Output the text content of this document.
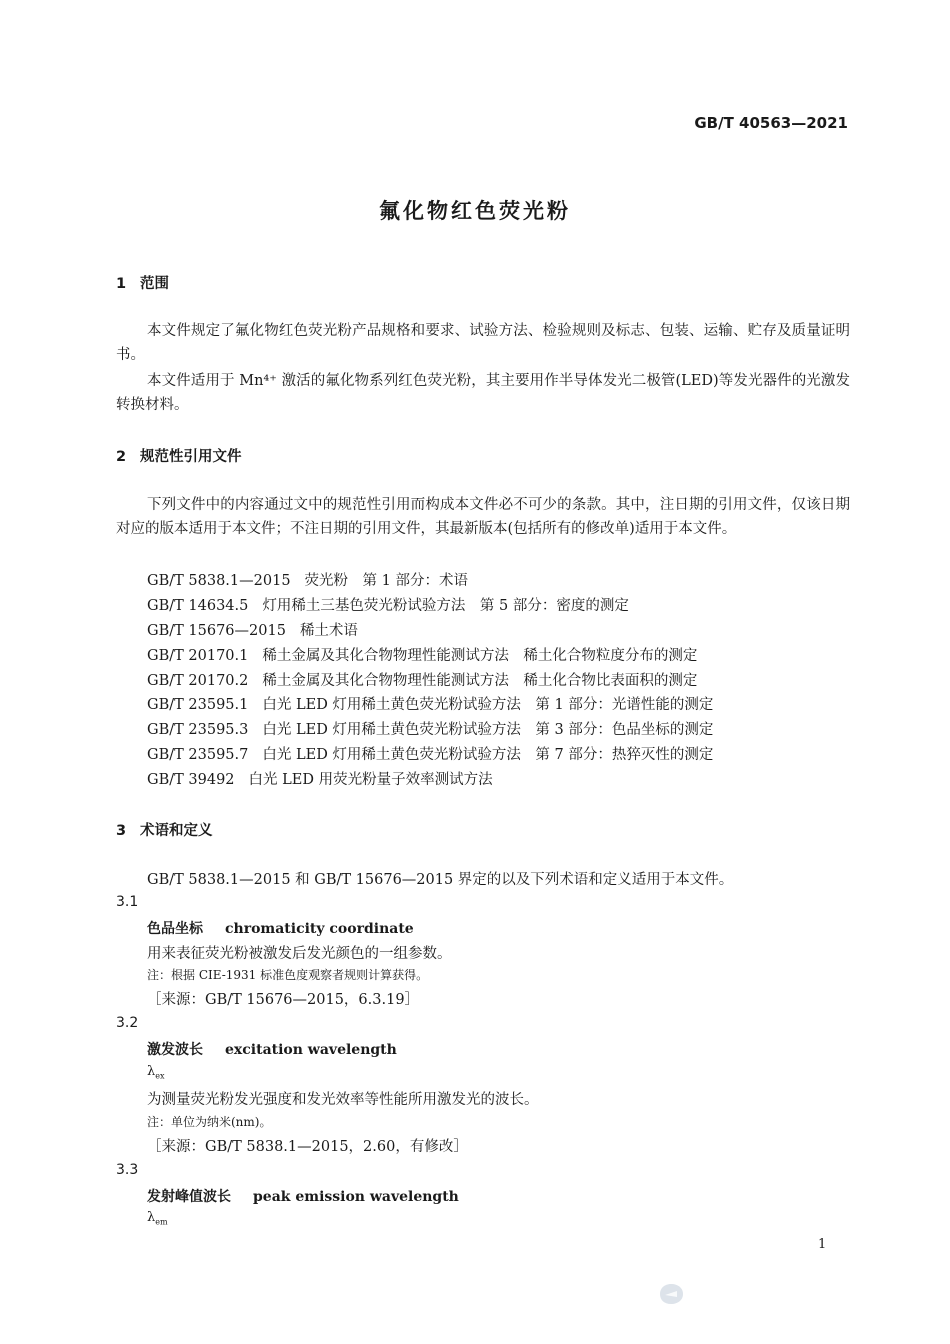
GB/T 40563—2021
氟化物红色荧光粉
1 范围
本文件规定了氟化物红色荧光粉产品规格和要求、试验方法、检验规则及标志、包装、运输、贮存及质量证明书。
本文件适用于 Mn⁴⁺ 激活的氟化物系列红色荧光粉，其主要用作半导体发光二极管(LED)等发光器件的光激发转换材料。
2 规范性引用文件
下列文件中的内容通过文中的规范性引用而构成本文件必不可少的条款。其中，注日期的引用文件，仅该日期对应的版本适用于本文件；不注日期的引用文件，其最新版本(包括所有的修改单)适用于本文件。
GB/T 5838.1—2015 荧光粉　第 1 部分：术语
GB/T 14634.5 灯用稀土三基色荧光粉试验方法　第 5 部分：密度的测定
GB/T 15676—2015 稀土术语
GB/T 20170.1 稀土金属及其化合物物理性能测试方法　稀土化合物粒度分布的测定
GB/T 20170.2 稀土金属及其化合物物理性能测试方法　稀土化合物比表面积的测定
GB/T 23595.1 白光 LED 灯用稀土黄色荧光粉试验方法　第 1 部分：光谱性能的测定
GB/T 23595.3 白光 LED 灯用稀土黄色荧光粉试验方法　第 3 部分：色品坐标的测定
GB/T 23595.7 白光 LED 灯用稀土黄色荧光粉试验方法　第 7 部分：热猝灭性的测定
GB/T 39492 白光 LED 用荧光粉量子效率测试方法
3 术语和定义
GB/T 5838.1—2015 和 GB/T 15676—2015 界定的以及下列术语和定义适用于本文件。
3.1
色品坐标 chromaticity coordinate
用来表征荧光粉被激发后发光颜色的一组参数。
注：根据 CIE-1931 标准色度观察者规则计算获得。
［来源：GB/T 15676—2015，6.3.19］
3.2
激发波长 excitation wavelength
$\lambda_{ex}$
为测量荧光粉发光强度和发光效率等性能所用激发光的波长。
注：单位为纳米(nm)。
［来源：GB/T 5838.1—2015，2.60，有修改］
3.3
发射峰值波长 peak emission wavelength
$\lambda_{em}$
1
